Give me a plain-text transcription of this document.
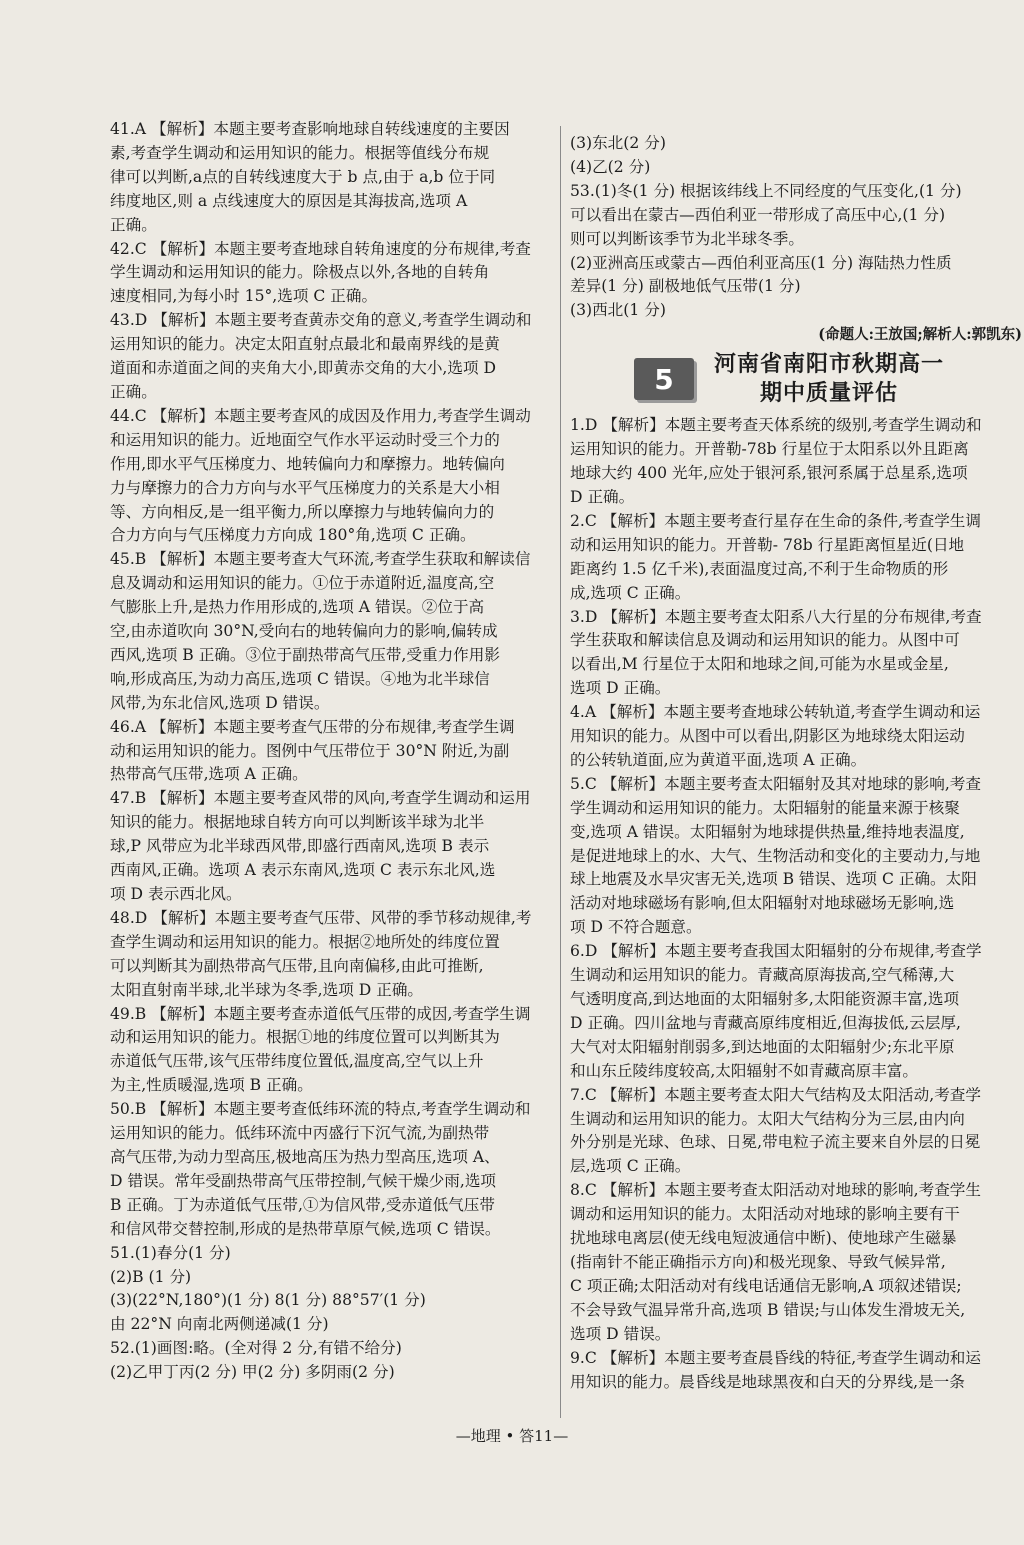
41.A 【解析】本题主要考查影响地球自转线速度的主要因
素,考查学生调动和运用知识的能力。根据等值线分布规
律可以判断,a点的自转线速度大于 b 点,由于 a,b 位于同
纬度地区,则 a 点线速度大的原因是其海拔高,选项 A
正确。
42.C 【解析】本题主要考查地球自转角速度的分布规律,考查
学生调动和运用知识的能力。除极点以外,各地的自转角
速度相同,为每小时 15°,选项 C 正确。
43.D 【解析】本题主要考查黄赤交角的意义,考查学生调动和
运用知识的能力。决定太阳直射点最北和最南界线的是黄
道面和赤道面之间的夹角大小,即黄赤交角的大小,选项 D
正确。
44.C 【解析】本题主要考查风的成因及作用力,考查学生调动
和运用知识的能力。近地面空气作水平运动时受三个力的
作用,即水平气压梯度力、地转偏向力和摩擦力。地转偏向
力与摩擦力的合力方向与水平气压梯度力的关系是大小相
等、方向相反,是一组平衡力,所以摩擦力与地转偏向力的
合力方向与气压梯度力方向成 180°角,选项 C 正确。
45.B 【解析】本题主要考查大气环流,考查学生获取和解读信
息及调动和运用知识的能力。①位于赤道附近,温度高,空
气膨胀上升,是热力作用形成的,选项 A 错误。②位于高
空,由赤道吹向 30°N,受向右的地转偏向力的影响,偏转成
西风,选项 B 正确。③位于副热带高气压带,受重力作用影
响,形成高压,为动力高压,选项 C 错误。④地为北半球信
风带,为东北信风,选项 D 错误。
46.A 【解析】本题主要考查气压带的分布规律,考查学生调
动和运用知识的能力。图例中气压带位于 30°N 附近,为副
热带高气压带,选项 A 正确。
47.B 【解析】本题主要考查风带的风向,考查学生调动和运用
知识的能力。根据地球自转方向可以判断该半球为北半
球,P 风带应为北半球西风带,即盛行西南风,选项 B 表示
西南风,正确。选项 A 表示东南风,选项 C 表示东北风,选
项 D 表示西北风。
48.D 【解析】本题主要考查气压带、风带的季节移动规律,考
查学生调动和运用知识的能力。根据②地所处的纬度位置
可以判断其为副热带高气压带,且向南偏移,由此可推断,
太阳直射南半球,北半球为冬季,选项 D 正确。
49.B 【解析】本题主要考查赤道低气压带的成因,考查学生调
动和运用知识的能力。根据①地的纬度位置可以判断其为
赤道低气压带,该气压带纬度位置低,温度高,空气以上升
为主,性质暖湿,选项 B 正确。
50.B 【解析】本题主要考查低纬环流的特点,考查学生调动和
运用知识的能力。低纬环流中丙盛行下沉气流,为副热带
高气压带,为动力型高压,极地高压为热力型高压,选项 A、
D 错误。常年受副热带高气压带控制,气候干燥少雨,选项
B 正确。丁为赤道低气压带,①为信风带,受赤道低气压带
和信风带交替控制,形成的是热带草原气候,选项 C 错误。
51.(1)春分(1 分)
(2)B (1 分)
(3)(22°N,180°)(1 分) 8(1 分) 88°57′(1 分)
由 22°N 向南北两侧递减(1 分)
52.(1)画图:略。(全对得 2 分,有错不给分)
(2)乙甲丁丙(2 分) 甲(2 分) 多阴雨(2 分)
(3)东北(2 分)
(4)乙(2 分)
53.(1)冬(1 分) 根据该纬线上不同经度的气压变化,(1 分)
可以看出在蒙古—西伯利亚一带形成了高压中心,(1 分)
则可以判断该季节为北半球冬季。
(2)亚洲高压或蒙古—西伯利亚高压(1 分) 海陆热力性质
差异(1 分) 副极地低气压带(1 分)
(3)西北(1 分)
(命题人:王放国;解析人:郭凯东)
5	河南省南阳市秋期高一
期中质量评估
1.D 【解析】本题主要考查天体系统的级别,考查学生调动和
运用知识的能力。开普勒-78b 行星位于太阳系以外且距离
地球大约 400 光年,应处于银河系,银河系属于总星系,选项
D 正确。
2.C 【解析】本题主要考查行星存在生命的条件,考查学生调
动和运用知识的能力。开普勒- 78b 行星距离恒星近(日地
距离约 1.5 亿千米),表面温度过高,不利于生命物质的形
成,选项 C 正确。
3.D 【解析】本题主要考查太阳系八大行星的分布规律,考查
学生获取和解读信息及调动和运用知识的能力。从图中可
以看出,M 行星位于太阳和地球之间,可能为水星或金星,
选项 D 正确。
4.A 【解析】本题主要考查地球公转轨道,考查学生调动和运
用知识的能力。从图中可以看出,阴影区为地球绕太阳运动
的公转轨道面,应为黄道平面,选项 A 正确。
5.C 【解析】本题主要考查太阳辐射及其对地球的影响,考查
学生调动和运用知识的能力。太阳辐射的能量来源于核聚
变,选项 A 错误。太阳辐射为地球提供热量,维持地表温度,
是促进地球上的水、大气、生物活动和变化的主要动力,与地
球上地震及水旱灾害无关,选项 B 错误、选项 C 正确。太阳
活动对地球磁场有影响,但太阳辐射对地球磁场无影响,选
项 D 不符合题意。
6.D 【解析】本题主要考查我国太阳辐射的分布规律,考查学
生调动和运用知识的能力。青藏高原海拔高,空气稀薄,大
气透明度高,到达地面的太阳辐射多,太阳能资源丰富,选项
D 正确。四川盆地与青藏高原纬度相近,但海拔低,云层厚,
大气对太阳辐射削弱多,到达地面的太阳辐射少;东北平原
和山东丘陵纬度较高,太阳辐射不如青藏高原丰富。
7.C 【解析】本题主要考查太阳大气结构及太阳活动,考查学
生调动和运用知识的能力。太阳大气结构分为三层,由内向
外分别是光球、色球、日冕,带电粒子流主要来自外层的日冕
层,选项 C 正确。
8.C 【解析】本题主要考查太阳活动对地球的影响,考查学生
调动和运用知识的能力。太阳活动对地球的影响主要有干
扰地球电离层(使无线电短波通信中断)、使地球产生磁暴
(指南针不能正确指示方向)和极光现象、导致气候异常,
C 项正确;太阳活动对有线电话通信无影响,A 项叙述错误;
不会导致气温异常升高,选项 B 错误;与山体发生滑坡无关,
选项 D 错误。
9.C 【解析】本题主要考查晨昏线的特征,考查学生调动和运
用知识的能力。晨昏线是地球黑夜和白天的分界线,是一条
—地理 • 答11—
